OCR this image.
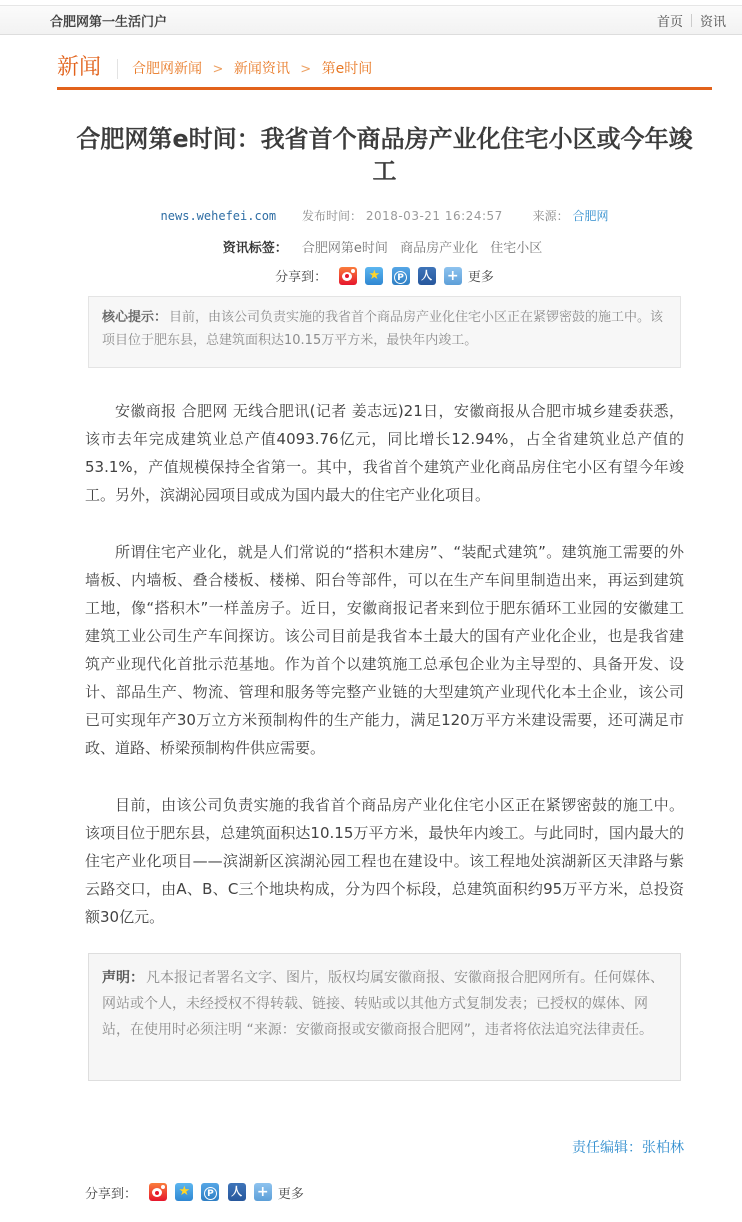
合肥网第一生活门户	首页	资讯
新闻 合肥网新闻 > 新闻资讯 > 第e时间
合肥网第e时间：我省首个商品房产业化住宅小区或今年竣工
news.wehefei.com 发布时间： 2018-03-21 16:24:57 来源： 合肥网
资讯标签： 合肥网第e时间 商品房产业化 住宅小区
分享到：	★ P 人 + 更多
核心提示： 目前，由该公司负责实施的我省首个商品房产业化住宅小区正在紧锣密鼓的施工中。该项目位于肥东县，总建筑面积达10.15万平方米，最快年内竣工。

安徽商报 合肥网 无线合肥讯(记者 姜志远)21日，安徽商报从合肥市城乡建委获悉，该市去年完成建筑业总产值4093.76亿元，同比增长12.94%，占全省建筑业总产值的53.1%，产值规模保持全省第一。其中，我省首个建筑产业化商品房住宅小区有望今年竣工。另外，滨湖沁园项目或成为国内最大的住宅产业化项目。

所谓住宅产业化，就是人们常说的“搭积木建房”、“装配式建筑”。建筑施工需要的外墙板、内墙板、叠合楼板、楼梯、阳台等部件，可以在生产车间里制造出来，再运到建筑工地，像“搭积木”一样盖房子。近日，安徽商报记者来到位于肥东循环工业园的安徽建工建筑工业公司生产车间探访。该公司目前是我省本土最大的国有产业化企业，也是我省建筑产业现代化首批示范基地。作为首个以建筑施工总承包企业为主导型的、具备开发、设计、部品生产、物流、管理和服务等完整产业链的大型建筑产业现代化本土企业，该公司已可实现年产30万立方米预制构件的生产能力，满足120万平方米建设需要，还可满足市政、道路、桥梁预制构件供应需要。

目前，由该公司负责实施的我省首个商品房产业化住宅小区正在紧锣密鼓的施工中。该项目位于肥东县，总建筑面积达10.15万平方米，最快年内竣工。与此同时，国内最大的住宅产业化项目——滨湖新区滨湖沁园工程也在建设中。该工程地处滨湖新区天津路与紫云路交口，由A、B、C三个地块构成，分为四个标段，总建筑面积约95万平方米，总投资额30亿元。

声明： 凡本报记者署名文字、图片，版权均属安徽商报、安徽商报合肥网所有。任何媒体、网站或个人，未经授权不得转载、链接、转贴或以其他方式复制发表；已授权的媒体、网站，在使用时必须注明 “来源：安徽商报或安徽商报合肥网”，违者将依法追究法律责任。
责任编辑：张柏林
分享到：	★ P 人 + 更多
